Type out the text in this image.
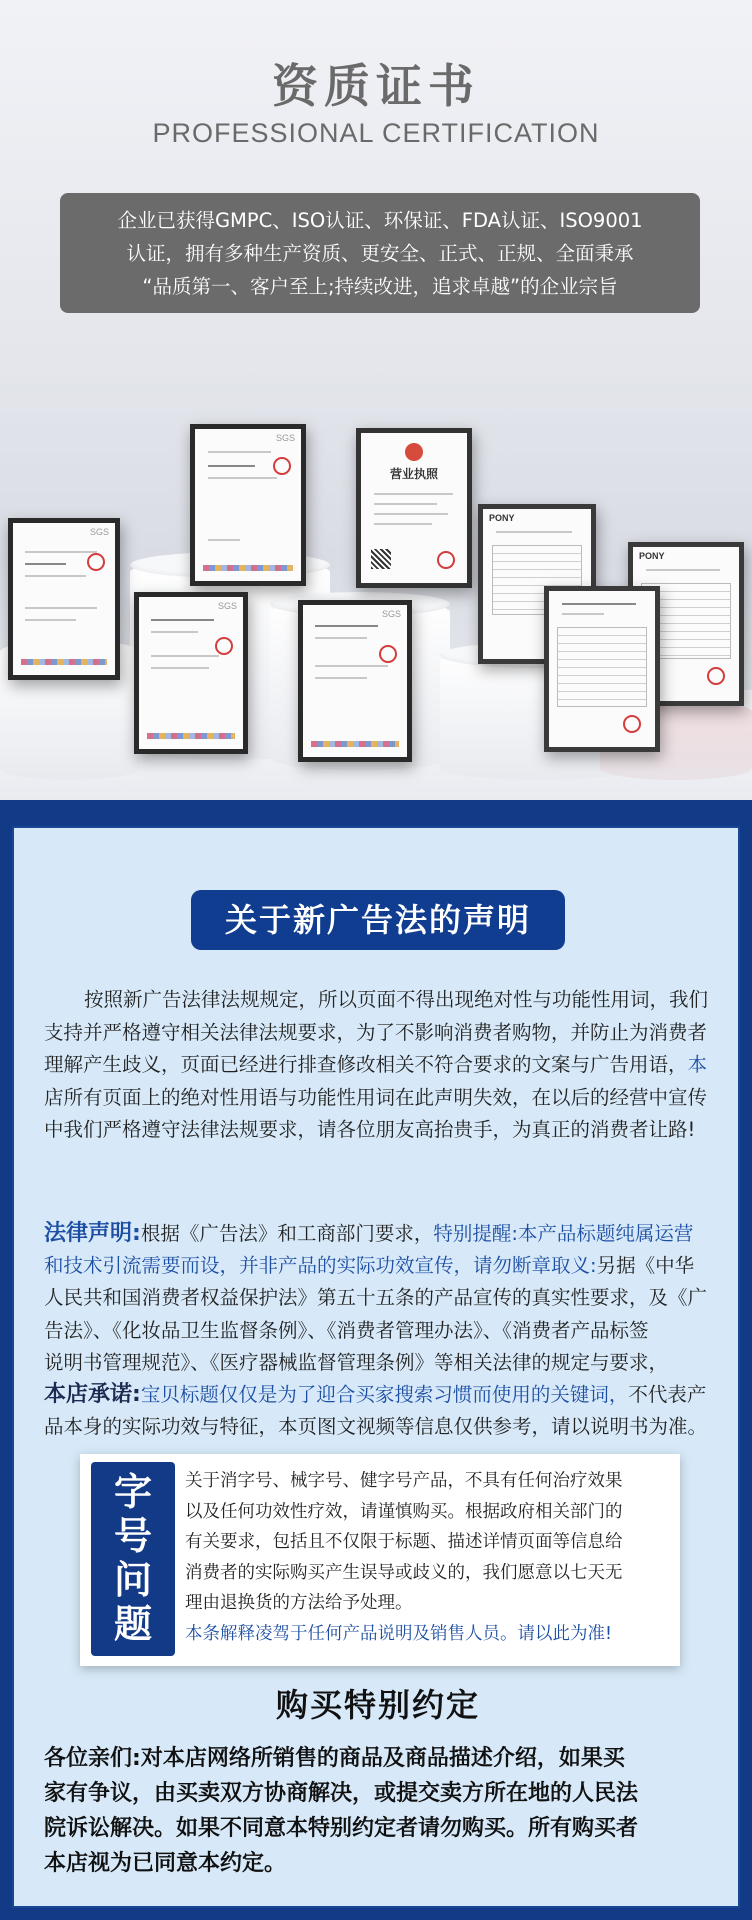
资质证书
PROFESSIONAL CERTIFICATION
企业已获得GMPC、ISO认证、环保证、FDA认证、ISO9001
认证，拥有多种生产资质、更安全、正式、正规、全面秉承
“品质第一、客户至上;持续改进，追求卓越”的企业宗旨
SGS
SGS
营业执照
SGS
SGS
PONY
PONY
关于新广告法的声明
按照新广告法律法规规定，所以页面不得出现绝对性与功能性用词，我们
支持并严格遵守相关法律法规要求，为了不影响消费者购物，并防止为消费者
理解产生歧义，页面已经进行排查修改相关不符合要求的文案与广告用语，本
店所有页面上的绝对性用语与功能性用词在此声明失效，在以后的经营中宣传
中我们严格遵守法律法规要求，请各位朋友高抬贵手，为真正的消费者让路!
法律声明:根据《广告法》和工商部门要求，特别提醒:本产品标题纯属运营
和技术引流需要而设，并非产品的实际功效宣传，请勿断章取义:另据《中华
人民共和国消费者权益保护法》第五十五条的产品宣传的真实性要求，及《广
告法》、《化妆品卫生监督条例》、《消费者管理办法》、《消费者产品标签
说明书管理规范》、《医疗器械监督管理条例》等相关法律的规定与要求，
本店承诺:宝贝标题仅仅是为了迎合买家搜索习惯而使用的关键词，不代表产
品本身的实际功效与特征，本页图文视频等信息仅供参考，请以说明书为准。
字
号
问
题
关于消字号、械字号、健字号产品，不具有任何治疗效果
以及任何功效性疗效，请谨慎购买。根据政府相关部门的
有关要求，包括且不仅限于标题、描述详情页面等信息给
消费者的实际购买产生误导或歧义的，我们愿意以七天无
理由退换货的方法给予处理。
本条解释凌驾于任何产品说明及销售人员。请以此为准!
购买特别约定
各位亲们:对本店网络所销售的商品及商品描述介绍，如果买
家有争议，由买卖双方协商解决，或提交卖方所在地的人民法
院诉讼解决。如果不同意本特别约定者请勿购买。所有购买者
本店视为已同意本约定。
